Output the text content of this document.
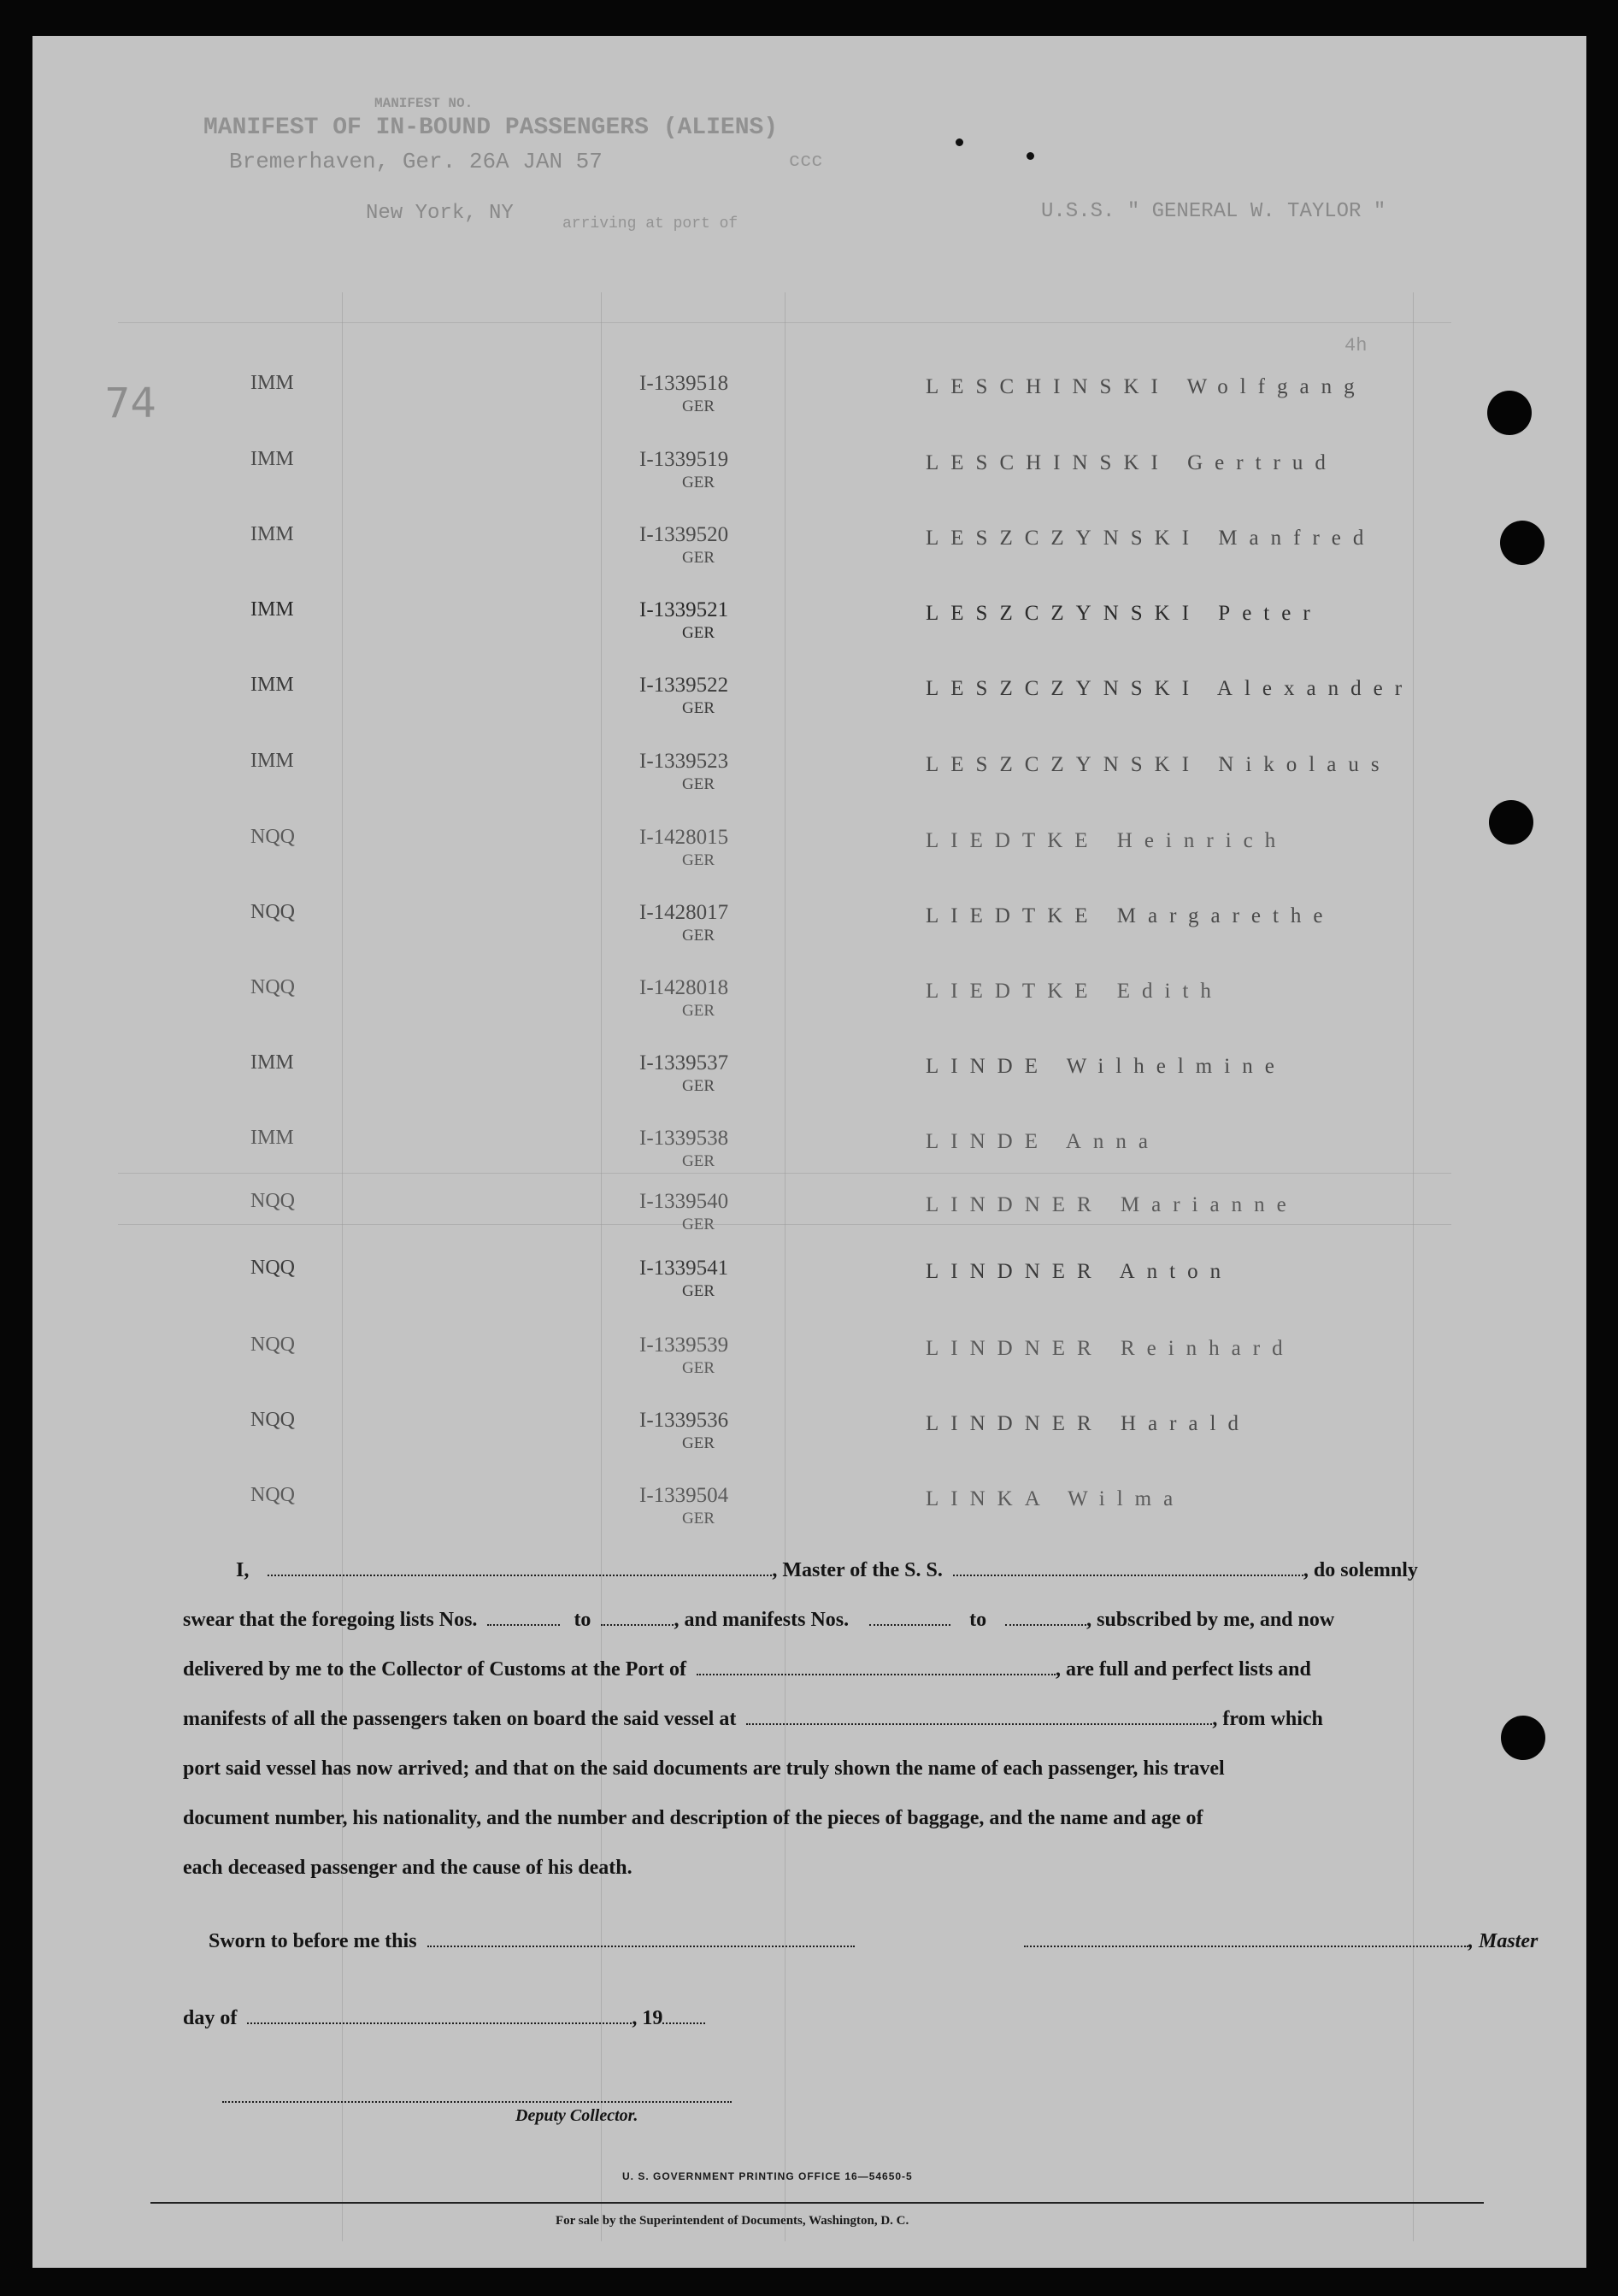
MANIFEST NO.
MANIFEST OF IN-BOUND PASSENGERS (ALIENS)
Bremerhaven, Ger. 26A JAN 57	ccc
New York, NY	arriving at port of
U.S.S. " GENERAL W. TAYLOR "
4h
IMM	I-1339518
GER
LESCHINSKI Wolfgang
IMM	I-1339519
GER
LESCHINSKI Gertrud
IMM	I-1339520
GER
LESZCZYNSKI Manfred
IMM	I-1339521
GER
LESZCZYNSKI Peter
IMM	I-1339522
GER
LESZCZYNSKI Alexander
IMM	I-1339523
GER
LESZCZYNSKI Nikolaus
NQQ	I-1428015
GER
LIEDTKE Heinrich
NQQ	I-1428017
GER
LIEDTKE Margarethe
NQQ	I-1428018
GER
LIEDTKE Edith
IMM	I-1339537
GER
LINDE Wilhelmine
IMM	I-1339538
GER
LINDE Anna
NQQ	I-1339540
GER
LINDNER Marianne
NQQ	I-1339541
GER
LINDNER Anton
NQQ	I-1339539
GER
LINDNER Reinhard
NQQ	I-1339536
GER
LINDNER Harald
NQQ	I-1339504
GER
LINKA Wilma
74
I,	, Master of the S. S.	, do solemnly
swear that the foregoing lists Nos.	to	, and manifests Nos.	to	, subscribed by me, and now
delivered by me to the Collector of Customs at the Port of	, are full and perfect lists and
manifests of all the passengers taken on board the said vessel at	, from which
port said vessel has now arrived; and that on the said documents are truly shown the name of each passenger, his travel
document number, his nationality, and the number and description of the pieces of baggage, and the name and age of
each deceased passenger and the cause of his death.
Sworn to before me this	, Master
day of	, 19
Deputy Collector.
U. S. GOVERNMENT PRINTING OFFICE 16—54650-5
For sale by the Superintendent of Documents, Washington, D. C.
